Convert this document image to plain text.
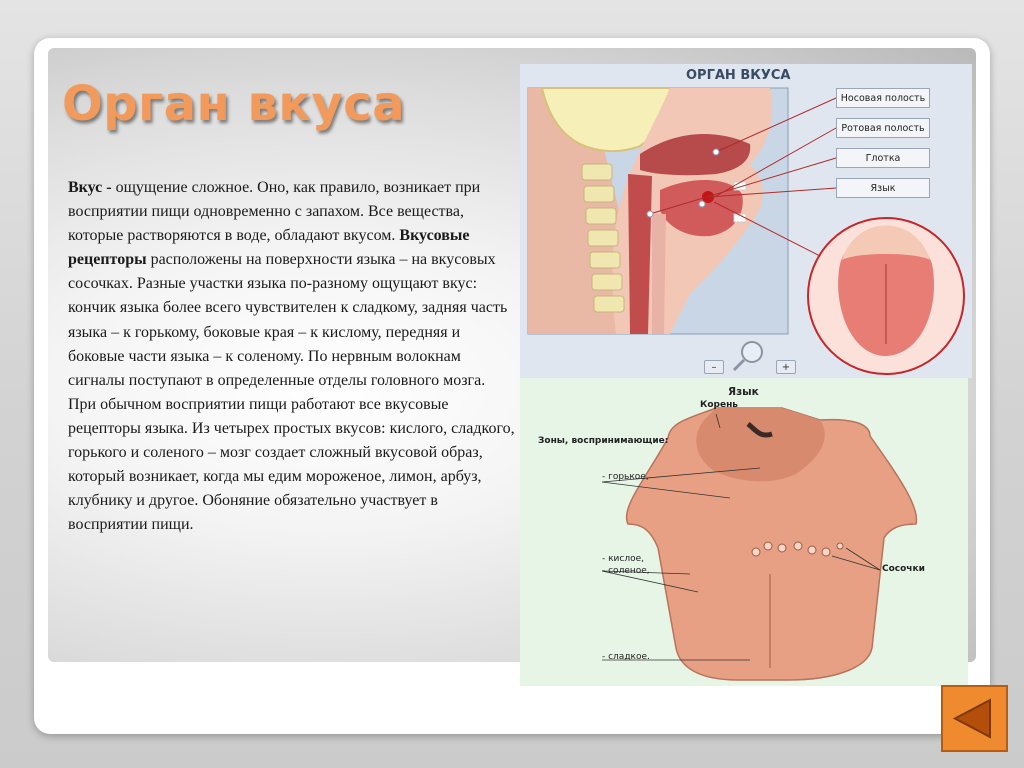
Орган вкуса

Вкус - ощущение сложное. Оно, как правило, возникает при восприятии пищи одновременно с запахом. Все вещества, которые растворяются в воде, обладают вкусом. Вкусовые рецепторы расположены на поверхности языка – на вкусовых сосочках. Разные участки языка по-разному ощущают вкус: кончик языка более всего чувствителен к сладкому, задняя часть языка – к горькому, боковые края – к кислому, передняя и боковые части языка – к соленому. По нервным волокнам сигналы поступают в определенные отделы головного мозга. При обычном восприятии пищи работают все вкусовые рецепторы языка. Из четырех простых вкусов: кислого, сладкого, горького и соленого – мозг создает сложный вкусовой образ, который возникает, когда мы едим мороженое, лимон, арбуз, клубнику и другое. Обоняние обязательно участвует в восприятии пищи.

ОРГАН ВКУСА
Носовая полость
Ротовая полость
Глотка
Язык
–	+
Язык
Корень
Зоны, воспринимающие:
- горькое,
- кислое,
- соленое,
- сладкое.
Сосочки
